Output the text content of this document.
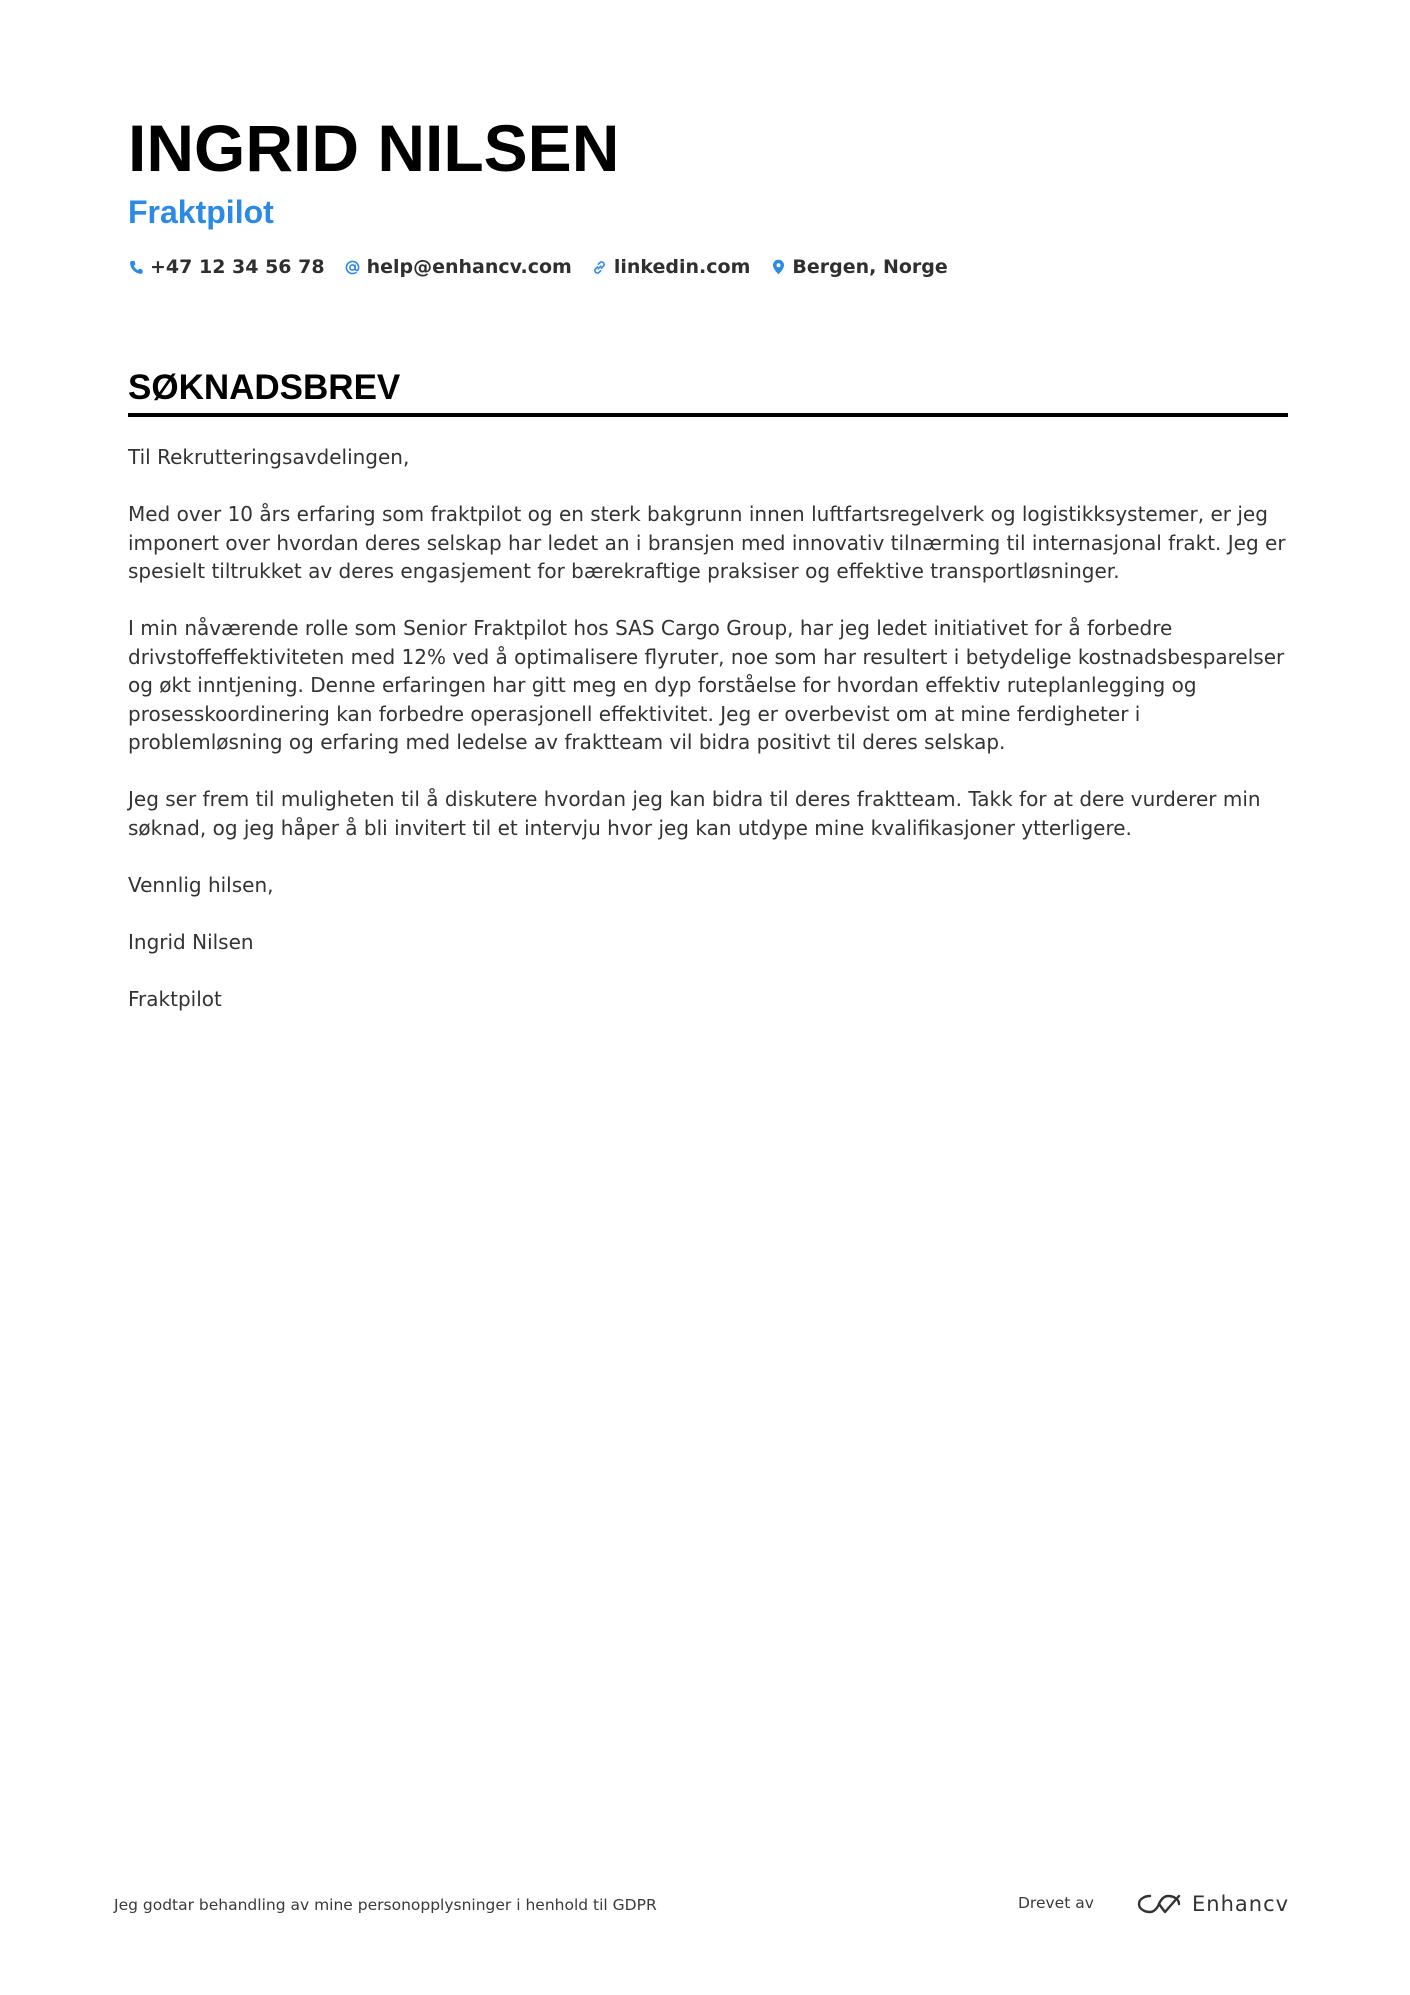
INGRID NILSEN
Fraktpilot
+47 12 34 56 78 help@enhancv.com linkedin.com Bergen, Norge
SØKNADSBREV

Til Rekrutteringsavdelingen,

Med over 10 års erfaring som fraktpilot og en sterk bakgrunn innen luftfartsregelverk og logistikksystemer, er jeg imponert over hvordan deres selskap har ledet an i bransjen med innovativ tilnærming til internasjonal frakt. Jeg er spesielt tiltrukket av deres engasjement for bærekraftige praksiser og effektive transportløsninger.

I min nåværende rolle som Senior Fraktpilot hos SAS Cargo Group, har jeg ledet initiativet for å forbedre drivstoffeffektiviteten med 12% ved å optimalisere flyruter, noe som har resultert i betydelige kostnadsbesparelser og økt inntjening. Denne erfaringen har gitt meg en dyp forståelse for hvordan effektiv ruteplanlegging og prosesskoordinering kan forbedre operasjonell effektivitet. Jeg er overbevist om at mine ferdigheter i problemløsning og erfaring med ledelse av fraktteam vil bidra positivt til deres selskap.

Jeg ser frem til muligheten til å diskutere hvordan jeg kan bidra til deres fraktteam. Takk for at dere vurderer min søknad, og jeg håper å bli invitert til et intervju hvor jeg kan utdype mine kvalifikasjoner ytterligere.

Vennlig hilsen,

Ingrid Nilsen

Fraktpilot

Jeg godtar behandling av mine personopplysninger i henhold til GDPR	Drevet av	Enhancv
